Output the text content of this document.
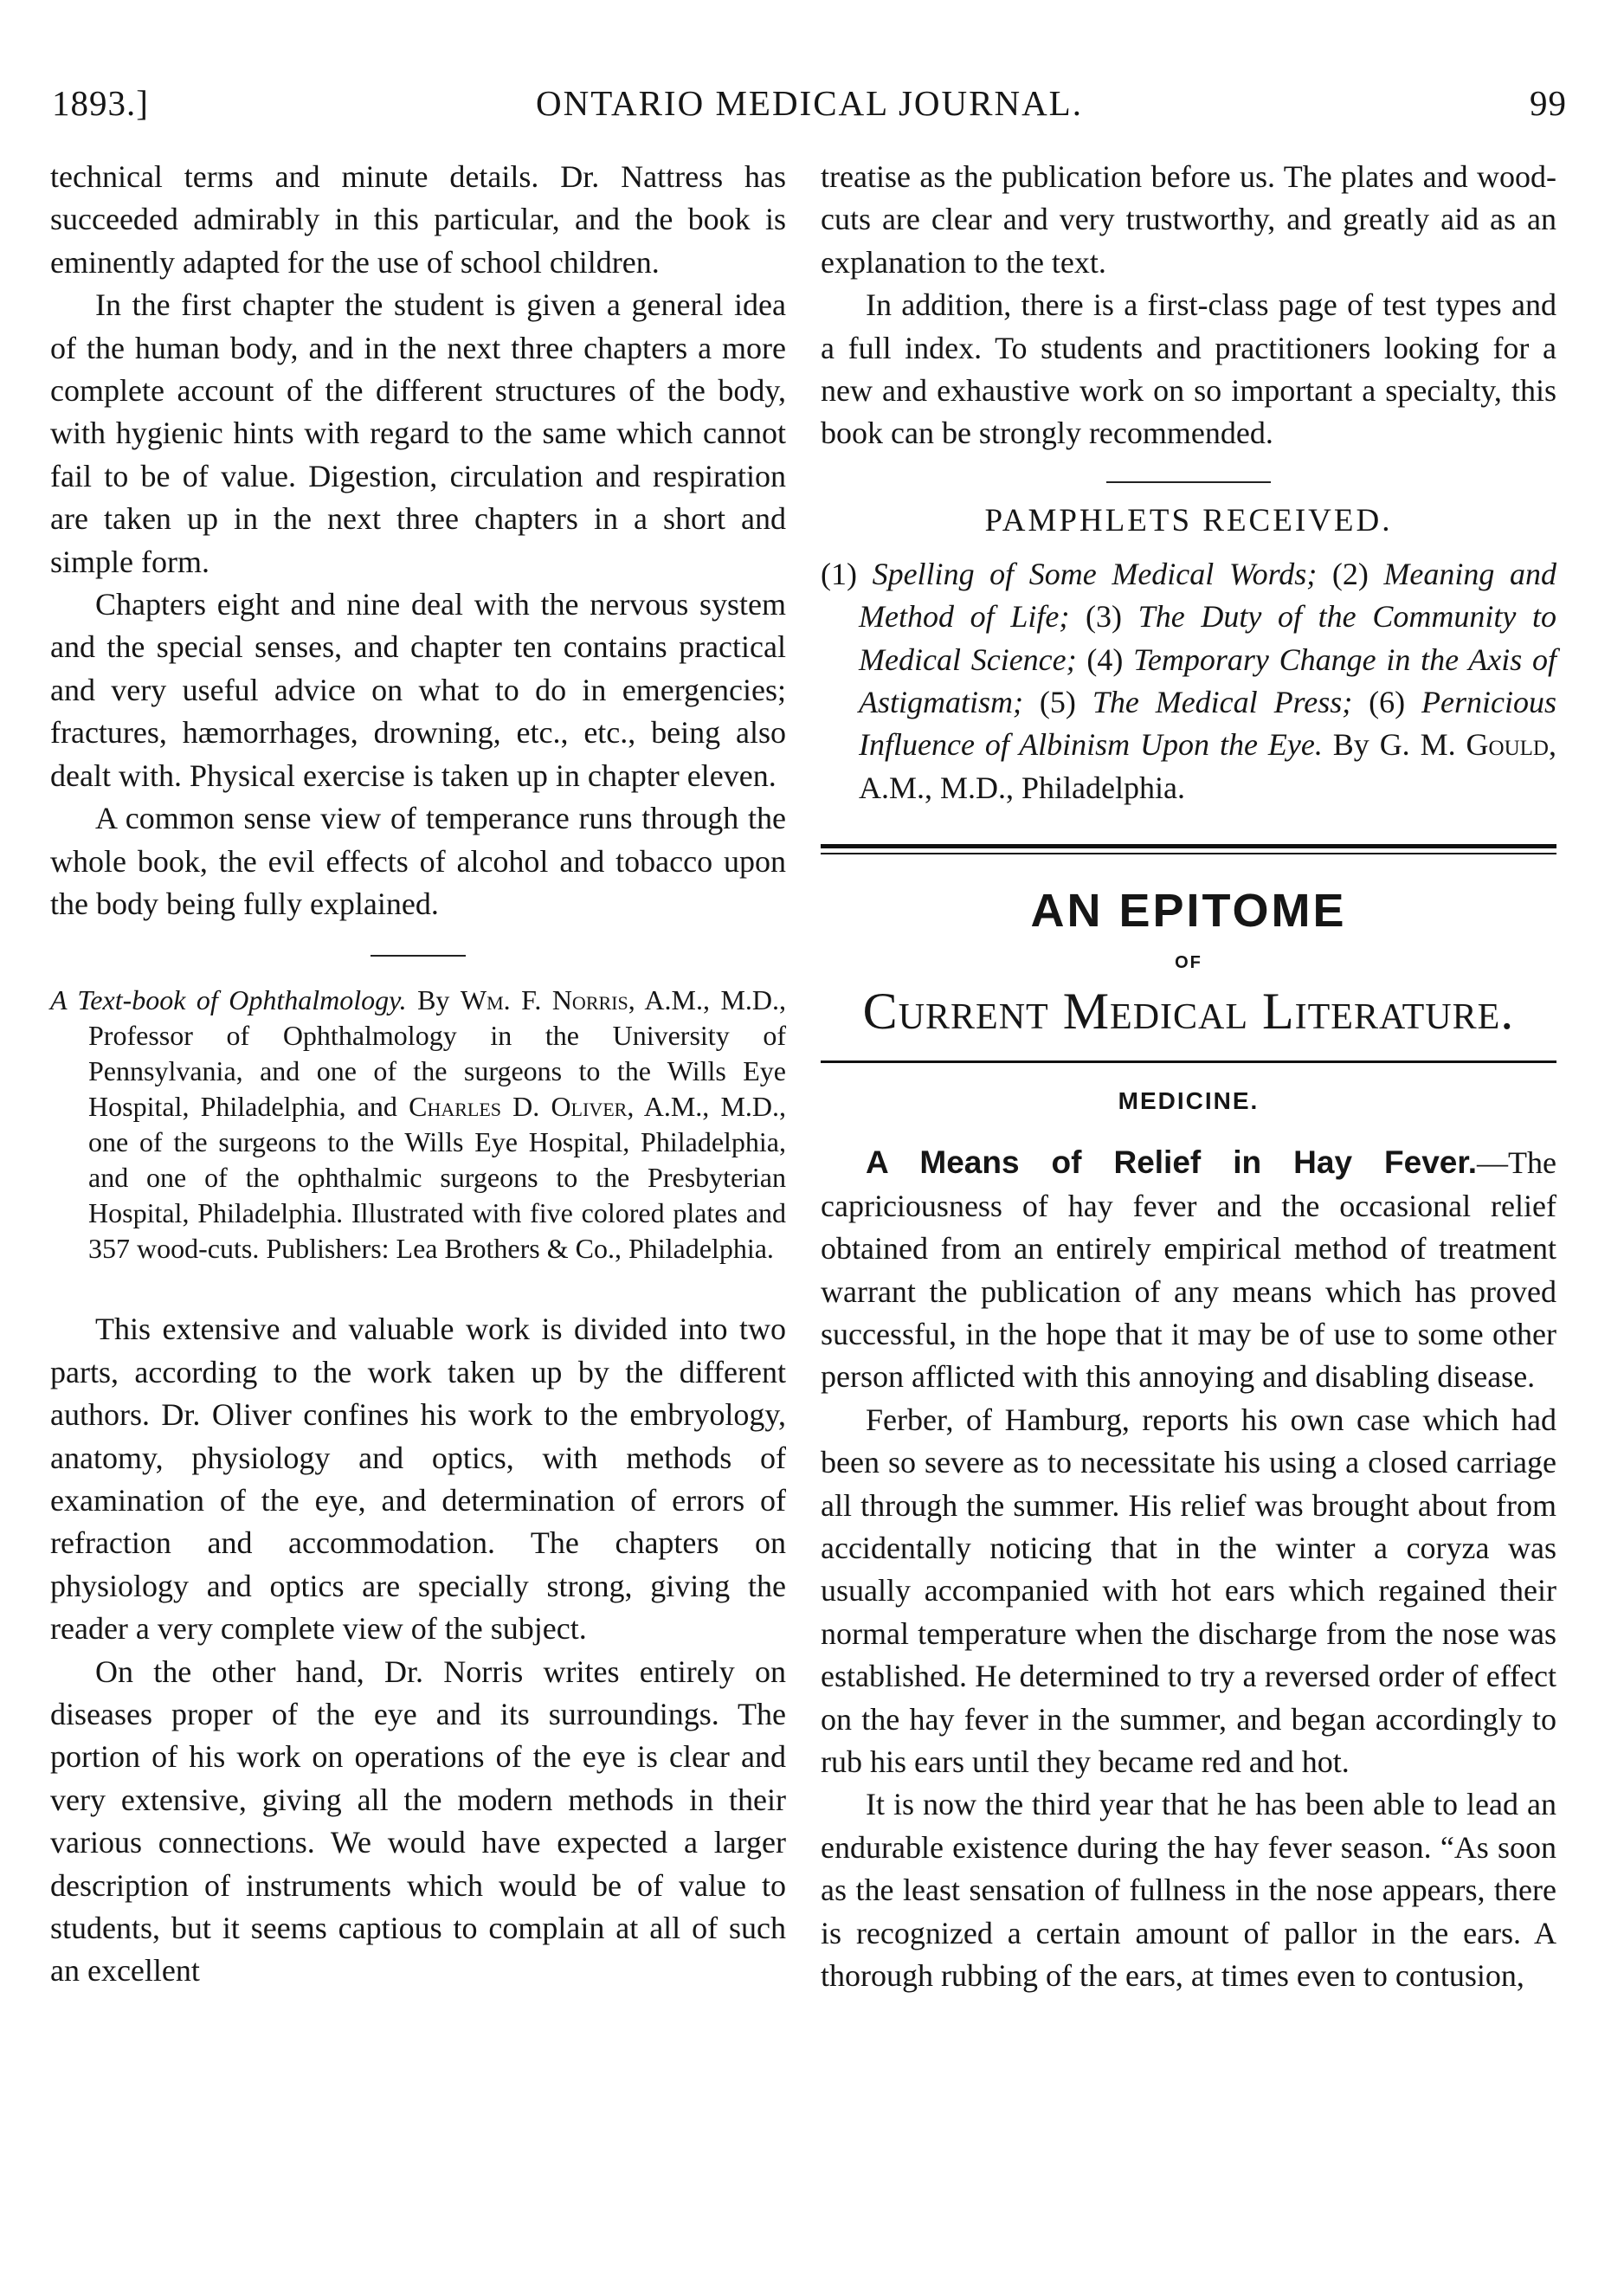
1893.]	ONTARIO MEDICAL JOURNAL.	99

technical terms and minute details. Dr. Nattress has succeeded admirably in this particular, and the book is eminently adapted for the use of school children.

In the first chapter the student is given a general idea of the human body, and in the next three chapters a more complete account of the different structures of the body, with hygienic hints with regard to the same which cannot fail to be of value. Digestion, circulation and respiration are taken up in the next three chapters in a short and simple form.

Chapters eight and nine deal with the nervous system and the special senses, and chapter ten contains practical and very useful advice on what to do in emergencies; fractures, hæmorrhages, drowning, etc., etc., being also dealt with. Physical exercise is taken up in chapter eleven.

A common sense view of temperance runs through the whole book, the evil effects of alcohol and tobacco upon the body being fully explained.

A Text-book of Ophthalmology. By Wm. F. Norris, A.M., M.D., Professor of Ophthalmology in the University of Pennsylvania, and one of the surgeons to the Wills Eye Hospital, Philadelphia, and Charles D. Oliver, A.M., M.D., one of the surgeons to the Wills Eye Hospital, Philadelphia, and one of the ophthalmic surgeons to the Presbyterian Hospital, Philadelphia. Illustrated with five colored plates and 357 wood-cuts. Publishers: Lea Brothers & Co., Philadelphia.

This extensive and valuable work is divided into two parts, according to the work taken up by the different authors. Dr. Oliver confines his work to the embryology, anatomy, physiology and optics, with methods of examination of the eye, and determination of errors of refraction and accommodation. The chapters on physiology and optics are specially strong, giving the reader a very complete view of the subject.

On the other hand, Dr. Norris writes entirely on diseases proper of the eye and its surroundings. The portion of his work on operations of the eye is clear and very extensive, giving all the modern methods in their various connections. We would have expected a larger description of instruments which would be of value to students, but it seems captious to complain at all of such an excellent

treatise as the publication before us. The plates and wood-cuts are clear and very trustworthy, and greatly aid as an explanation to the text.

In addition, there is a first-class page of test types and a full index. To students and practitioners looking for a new and exhaustive work on so important a specialty, this book can be strongly recommended.

PAMPHLETS RECEIVED.

(1) Spelling of Some Medical Words; (2) Meaning and Method of Life; (3) The Duty of the Community to Medical Science; (4) Temporary Change in the Axis of Astigmatism; (5) The Medical Press; (6) Pernicious Influence of Albinism Upon the Eye. By G. M. Gould, A.M., M.D., Philadelphia.

AN EPITOME
OF
Current Medical Literature.
MEDICINE.

A Means of Relief in Hay Fever.—The capriciousness of hay fever and the occasional relief obtained from an entirely empirical method of treatment warrant the publication of any means which has proved successful, in the hope that it may be of use to some other person afflicted with this annoying and disabling disease.

Ferber, of Hamburg, reports his own case which had been so severe as to necessitate his using a closed carriage all through the summer. His relief was brought about from accidentally noticing that in the winter a coryza was usually accompanied with hot ears which regained their normal temperature when the discharge from the nose was established. He determined to try a reversed order of effect on the hay fever in the summer, and began accordingly to rub his ears until they became red and hot.

It is now the third year that he has been able to lead an endurable existence during the hay fever season. “As soon as the least sensation of fullness in the nose appears, there is recognized a certain amount of pallor in the ears. A thorough rubbing of the ears, at times even to contusion,
